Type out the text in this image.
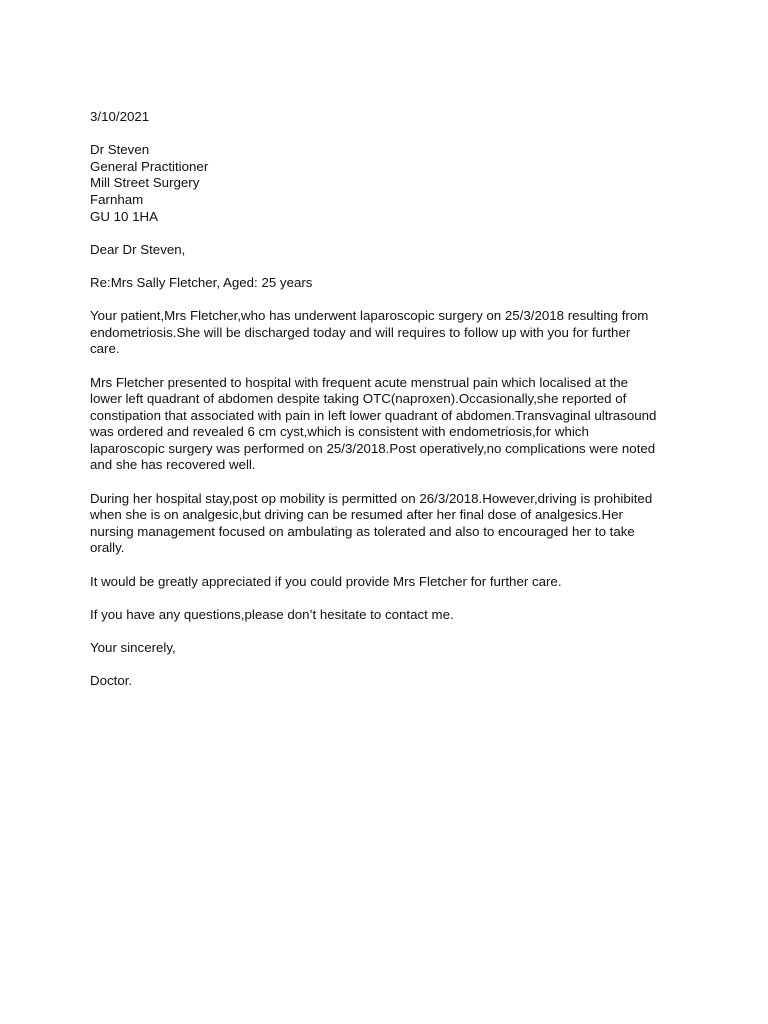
3/10/2021
Dr Steven
General Practitioner
Mill Street Surgery
Farnham
GU 10 1HA
Dear Dr Steven,
Re:Mrs Sally Fletcher, Aged: 25 years
Your patient,Mrs Fletcher,who has underwent laparoscopic surgery on 25/3/2018 resulting from
endometriosis.She will be discharged today and will requires to follow up with you for further
care.
Mrs Fletcher presented to hospital with frequent acute menstrual pain which localised at the
lower left quadrant of abdomen despite taking OTC(naproxen).Occasionally,she reported of
constipation that associated with pain in left lower quadrant of abdomen.Transvaginal ultrasound
was ordered and revealed 6 cm cyst,which is consistent with endometriosis,for which
laparoscopic surgery was performed on 25/3/2018.Post operatively,no complications were noted
and she has recovered well.
During her hospital stay,post op mobility is permitted on 26/3/2018.However,driving is prohibited
when she is on analgesic,but driving can be resumed after her final dose of analgesics.Her
nursing management focused on ambulating as tolerated and also to encouraged her to take
orally.
It would be greatly appreciated if you could provide Mrs Fletcher for further care.
If you have any questions,please don’t hesitate to contact me.
Your sincerely,
Doctor.
